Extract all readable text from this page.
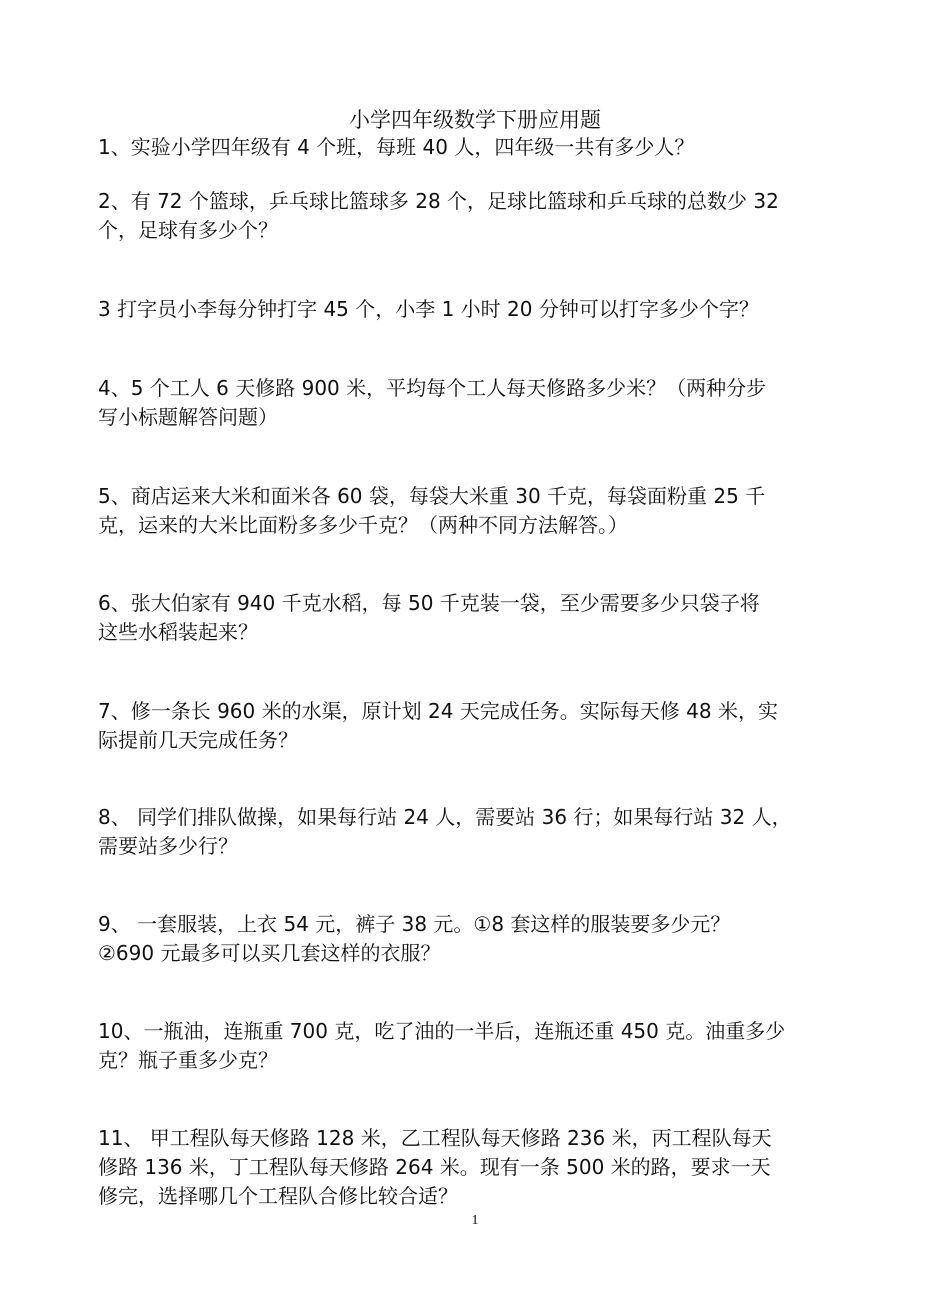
小学四年级数学下册应用题
1、实验小学四年级有 4 个班，每班 40 人，四年级一共有多少人？
2、有 72 个篮球，乒乓球比篮球多 28 个，足球比篮球和乒乓球的总数少 32
个，足球有多少个？
3 打字员小李每分钟打字 45 个，小李 1 小时 20 分钟可以打字多少个字？
4、5 个工人 6 天修路 900 米，平均每个工人每天修路多少米？（两种分步
写小标题解答问题）
5、商店运来大米和面米各 60 袋，每袋大米重 30 千克，每袋面粉重 25 千
克，运来的大米比面粉多多少千克？（两种不同方法解答。）
6、张大伯家有 940 千克水稻，每 50 千克装一袋，至少需要多少只袋子将
这些水稻装起来？
7、修一条长 960 米的水渠，原计划 24 天完成任务。实际每天修 48 米，实
际提前几天完成任务？
8、 同学们排队做操，如果每行站 24 人，需要站 36 行；如果每行站 32 人，
需要站多少行？
9、 一套服装，上衣 54 元，裤子 38 元。①8 套这样的服装要多少元？
②690 元最多可以买几套这样的衣服？
10、一瓶油，连瓶重 700 克，吃了油的一半后，连瓶还重 450 克。油重多少
克？瓶子重多少克？
11、 甲工程队每天修路 128 米，乙工程队每天修路 236 米，丙工程队每天
修路 136 米，丁工程队每天修路 264 米。现有一条 500 米的路，要求一天
修完，选择哪几个工程队合修比较合适？
1
